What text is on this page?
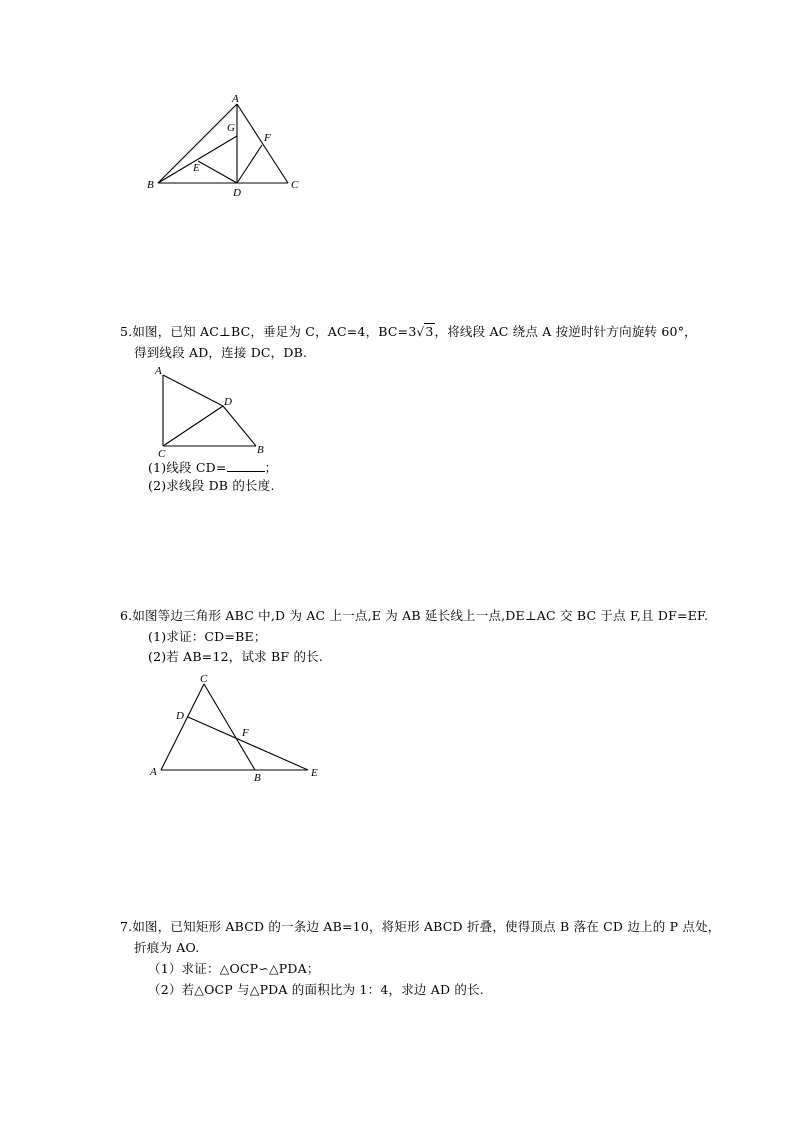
A
G
F
E
B
D
C
5.如图，已知 AC⊥BC，垂足为 C，AC=4，BC=3√3，将线段 AC 绕点 A 按逆时针方向旋转 60°，
得到线段 AD，连接 DC，DB.
A
D
C	B
(1)线段 CD=	；
(2)求线段 DB 的长度.
6.如图等边三角形 ABC 中,D 为 AC 上一点,E 为 AB 延长线上一点,DE⊥AC 交 BC 于点 F,且 DF=EF.
(1)求证：CD=BE；
(2)若 AB=12，试求 BF 的长.
C
D
F
A	B	E
7.如图，已知矩形 ABCD 的一条边 AB=10，将矩形 ABCD 折叠，使得顶点 B 落在 CD 边上的 P 点处，
折痕为 AO.
（1）求证：△OCP∽△PDA；
（2）若△OCP 与△PDA 的面积比为 1：4，求边 AD 的长.
